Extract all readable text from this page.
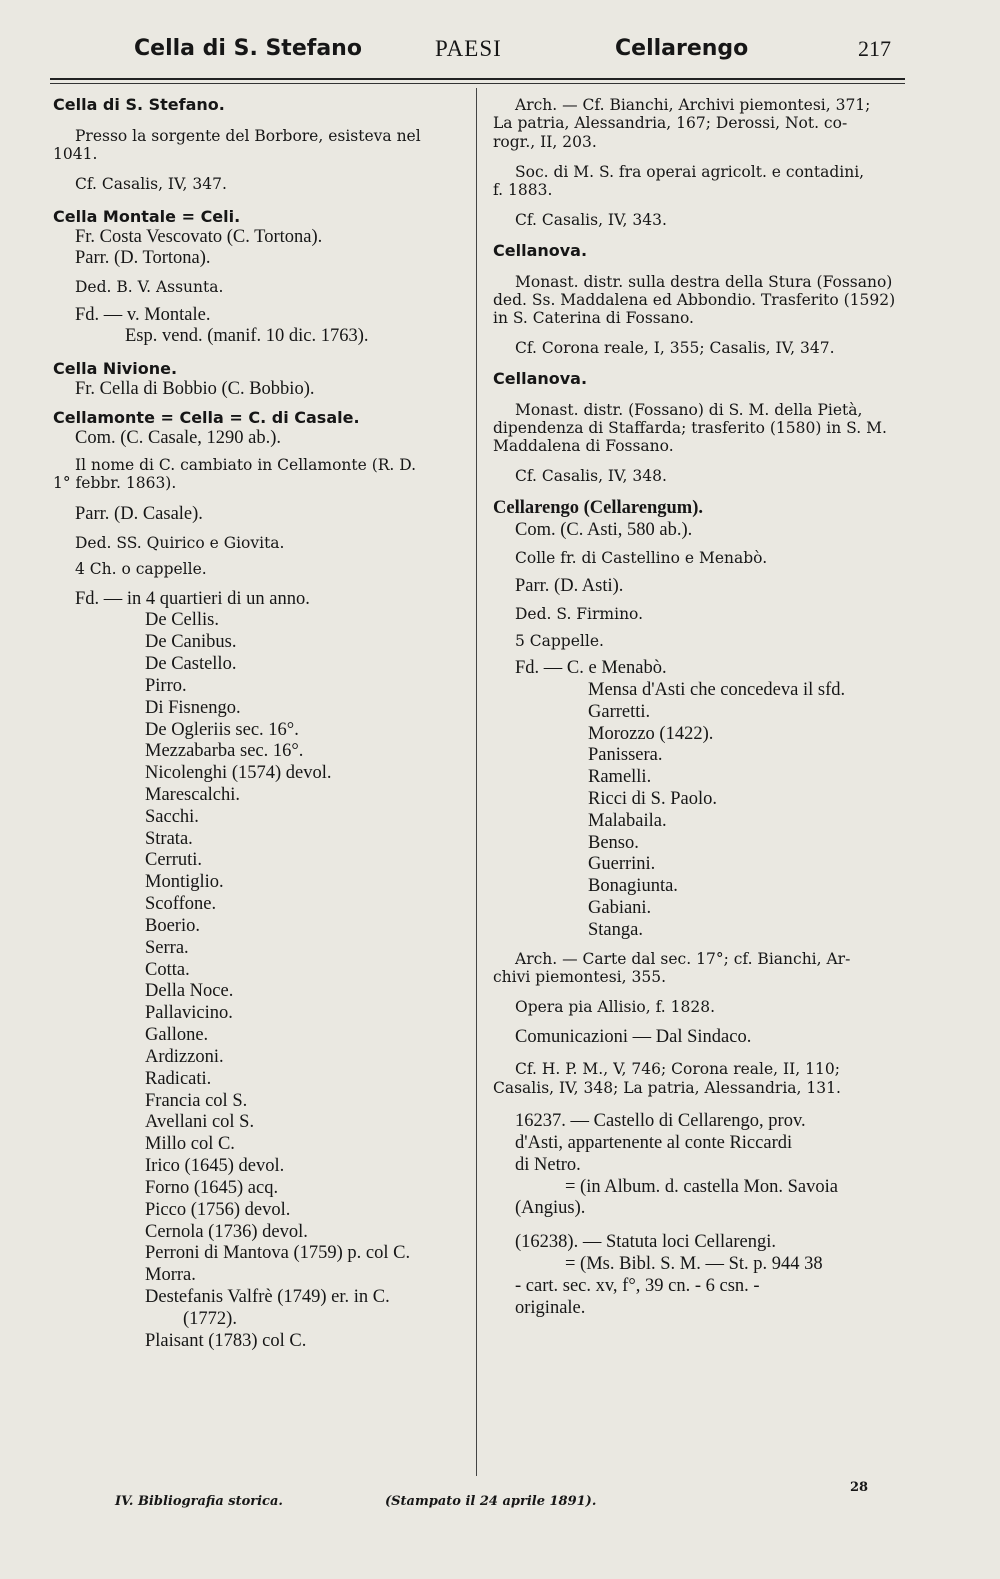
Cella di S. Stefano	PAESI	Cellarengo	217
Cella di S. Stefano.
Presso la sorgente del Borbore, esisteva nel
1041.
Cf. Casalis, IV, 347.
Cella Montale = Celi.
Fr. Costa Vescovato (C. Tortona).
Parr. (D. Tortona).
Ded. B. V. Assunta.
Fd. — v. Montale.
Esp. vend. (manif. 10 dic. 1763).
Cella Nivione.
Fr. Cella di Bobbio (C. Bobbio).
Cellamonte = Cella = C. di Casale.
Com. (C. Casale, 1290 ab.).
Il nome di C. cambiato in Cellamonte (R. D.
1° febbr. 1863).
Parr. (D. Casale).
Ded. SS. Quirico e Giovita.
4 Ch. o cappelle.
Fd. — in 4 quartieri di un anno.
De Cellis.
De Canibus.
De Castello.
Pirro.
Di Fisnengo.
De Ogleriis sec. 16°.
Mezzabarba sec. 16°.
Nicolenghi (1574) devol.
Marescalchi.
Sacchi.
Strata.
Cerruti.
Montiglio.
Scoffone.
Boerio.
Serra.
Cotta.
Della Noce.
Pallavicino.
Gallone.
Ardizzoni.
Radicati.
Francia col S.
Avellani col S.
Millo col C.
Irico (1645) devol.
Forno (1645) acq.
Picco (1756) devol.
Cernola (1736) devol.
Perroni di Mantova (1759) p. col C.
Morra.
Destefanis Valfrè (1749) er. in C.
(1772).
Plaisant (1783) col C.
Arch. — Cf. Bianchi, Archivi piemontesi, 371;
La patria, Alessandria, 167; Derossi, Not. co-
rogr., II, 203.
Soc. di M. S. fra operai agricolt. e contadini,
f. 1883.
Cf. Casalis, IV, 343.
Cellanova.
Monast. distr. sulla destra della Stura (Fossano)
ded. Ss. Maddalena ed Abbondio. Trasferito (1592)
in S. Caterina di Fossano.
Cf. Corona reale, I, 355; Casalis, IV, 347.
Cellanova.
Monast. distr. (Fossano) di S. M. della Pietà,
dipendenza di Staffarda; trasferito (1580) in S. M.
Maddalena di Fossano.
Cf. Casalis, IV, 348.
Cellarengo (Cellarengum).
Com. (C. Asti, 580 ab.).
Colle fr. di Castellino e Menabò.
Parr. (D. Asti).
Ded. S. Firmino.
5 Cappelle.
Fd. — C. e Menabò.
Mensa d'Asti che concedeva il sfd.
Garretti.
Morozzo (1422).
Panissera.
Ramelli.
Ricci di S. Paolo.
Malabaila.
Benso.
Guerrini.
Bonagiunta.
Gabiani.
Stanga.
Arch. — Carte dal sec. 17°; cf. Bianchi, Ar-
chivi piemontesi, 355.
Opera pia Allisio, f. 1828.
Comunicazioni — Dal Sindaco.
Cf. H. P. M., V, 746; Corona reale, II, 110;
Casalis, IV, 348; La patria, Alessandria, 131.
16237. — Castello di Cellarengo, prov.
d'Asti, appartenente al conte Riccardi
di Netro.
= (in Album. d. castella Mon. Savoia
(Angius).
(16238). — Statuta loci Cellarengi.
= (Ms. Bibl. S. M. — St. p. 944 38
- cart. sec. xv, f°, 39 cn. - 6 csn. -
originale.
IV. Bibliografia storica.	(Stampato il 24 aprile 1891).
28
